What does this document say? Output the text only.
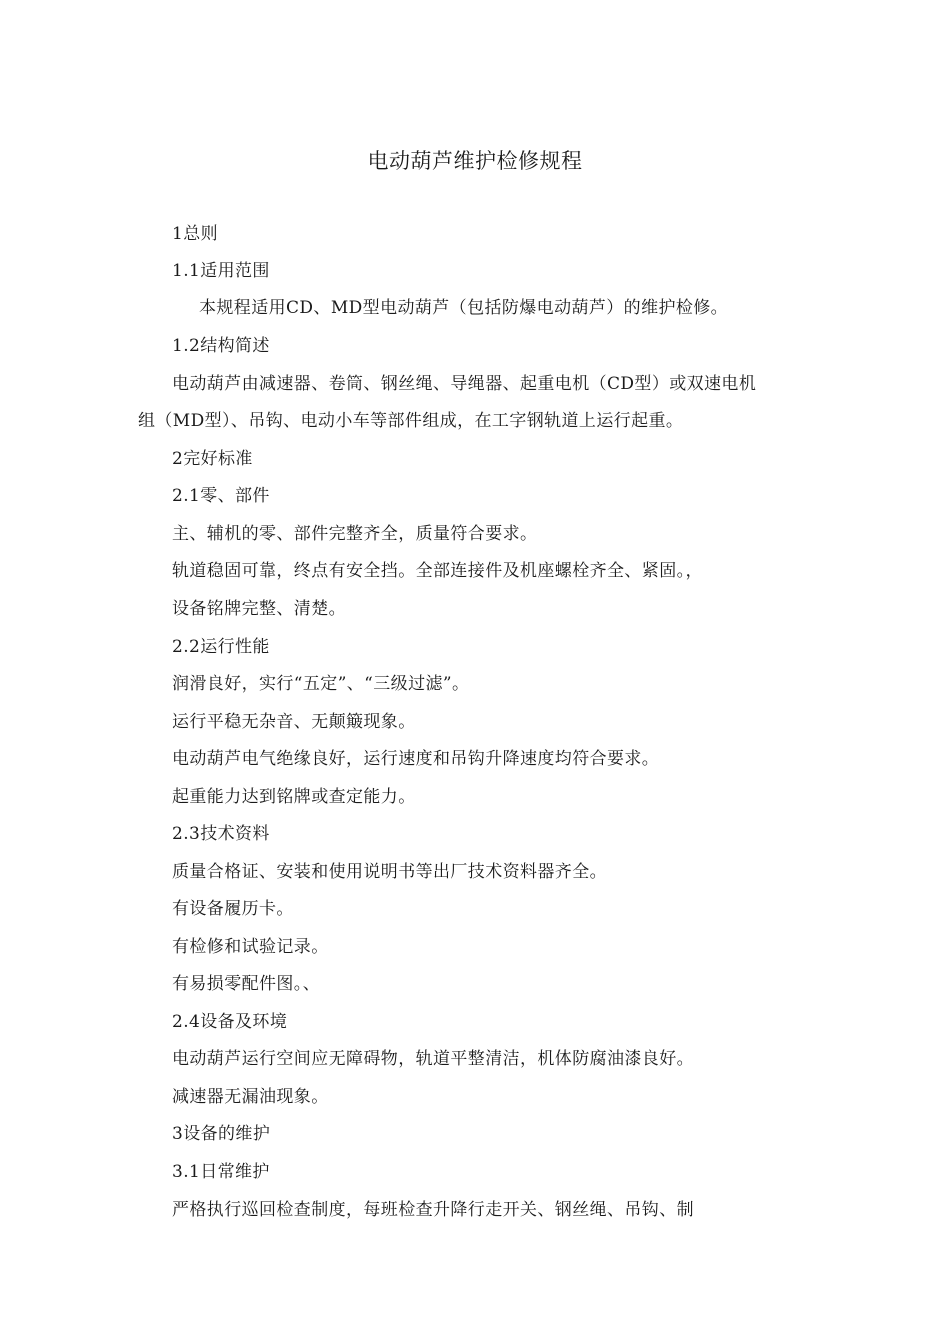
电动葫芦维护检修规程
1总则
1.1适用范围
本规程适用CD、MD型电动葫芦（包括防爆电动葫芦）的维护检修。
1.2结构简述
电动葫芦由减速器、卷筒、钢丝绳、导绳器、起重电机（CD型）或双速电机
组（MD型）、吊钩、电动小车等部件组成，在工字钢轨道上运行起重。
2完好标准
2.1零、部件
主、辅机的零、部件完整齐全，质量符合要求。
轨道稳固可靠，终点有安全挡。全部连接件及机座螺栓齐全、紧固。，
设备铭牌完整、清楚。
2.2运行性能
润滑良好，实行“五定”、“三级过滤”。
运行平稳无杂音、无颠簸现象。
电动葫芦电气绝缘良好，运行速度和吊钩升降速度均符合要求。
起重能力达到铭牌或查定能力。
2.3技术资料
质量合格证、安装和使用说明书等出厂技术资料器齐全。
有设备履历卡。
有检修和试验记录。
有易损零配件图。、
2.4设备及环境
电动葫芦运行空间应无障碍物，轨道平整清洁，机体防腐油漆良好。
减速器无漏油现象。
3设备的维护
3.1日常维护
严格执行巡回检查制度，每班检查升降行走开关、钢丝绳、吊钩、制
